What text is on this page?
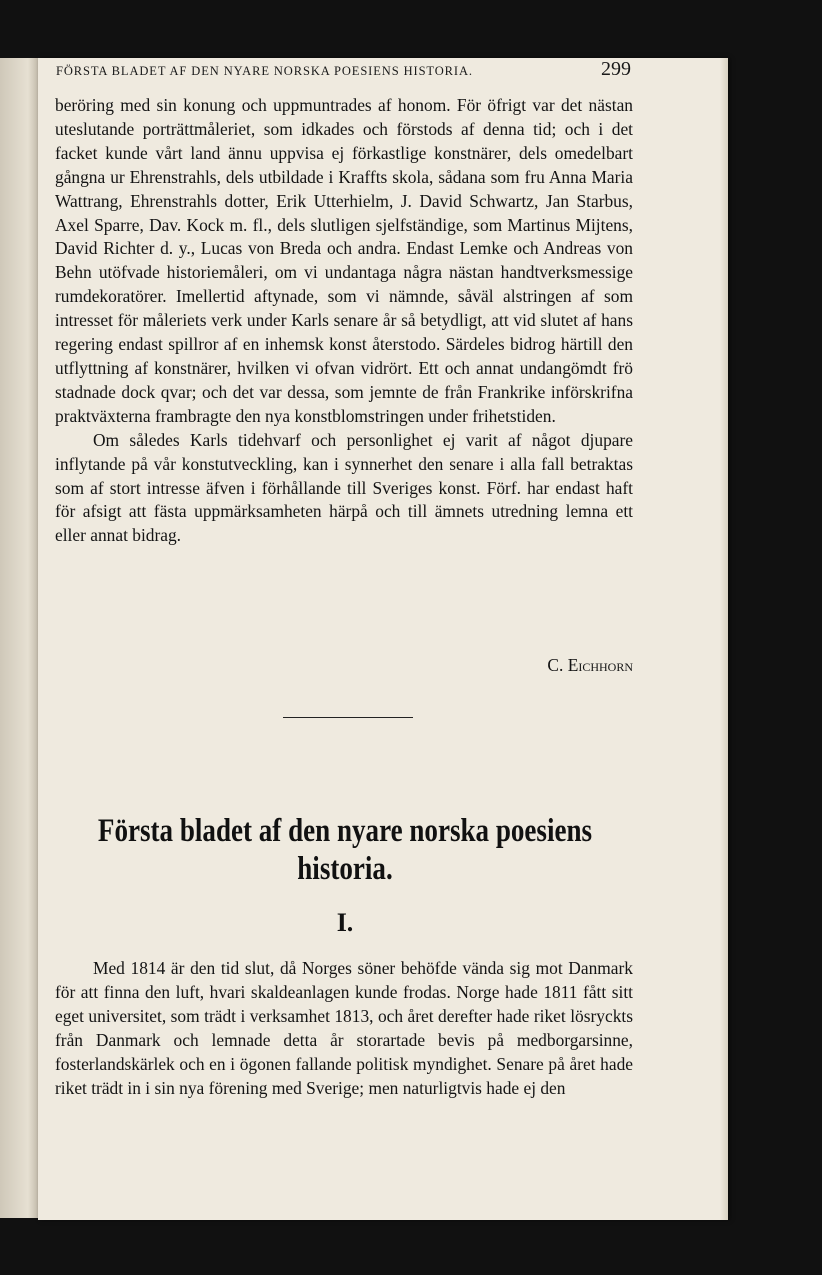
FÖRSTA BLADET AF DEN NYARE NORSKA POESIENS HISTORIA.	299

beröring med sin konung och uppmuntrades af honom. För öfrigt var det nästan uteslutande porträttmåleriet, som idkades och förstods af denna tid; och i det facket kunde vårt land ännu uppvisa ej förkastlige konstnärer, dels omedelbart gångna ur Ehrenstrahls, dels utbildade i Kraffts skola, sådana som fru Anna Maria Wattrang, Ehrenstrahls dotter, Erik Utterhielm, J. David Schwartz, Jan Starbus, Axel Sparre, Dav. Kock m. fl., dels slutligen sjelfständige, som Martinus Mijtens, David Richter d. y., Lucas von Breda och andra. Endast Lemke och Andreas von Behn utöfvade historiemåleri, om vi undantaga några nästan handtverksmessige rumdekoratörer. Imellertid aftynade, som vi nämnde, såväl alstringen af som intresset för måleriets verk under Karls senare år så betydligt, att vid slutet af hans regering endast spillror af en inhemsk konst återstodo. Särdeles bidrog härtill den utflyttning af konstnärer, hvilken vi ofvan vidrört. Ett och annat undangömdt frö stadnade dock qvar; och det var dessa, som jemnte de från Frankrike införskrifna praktväxterna frambragte den nya konstblomstringen under frihetstiden.

Om således Karls tidehvarf och personlighet ej varit af något djupare inflytande på vår konstutveckling, kan i synnerhet den senare i alla fall betraktas som af stort intresse äfven i förhållande till Sveriges konst. Förf. har endast haft för afsigt att fästa uppmärksamheten härpå och till ämnets utredning lemna ett eller annat bidrag.

C. Eichhorn
Första bladet af den nyare norska poesiens historia.
I.

Med 1814 är den tid slut, då Norges söner behöfde vända sig mot Danmark för att finna den luft, hvari skaldeanlagen kunde frodas. Norge hade 1811 fått sitt eget universitet, som trädt i verksamhet 1813, och året derefter hade riket lösryckts från Danmark och lemnade detta år storartade bevis på medborgarsinne, fosterlandskärlek och en i ögonen fallande politisk myndighet. Senare på året hade riket trädt in i sin nya förening med Sverige; men naturligtvis hade ej den
